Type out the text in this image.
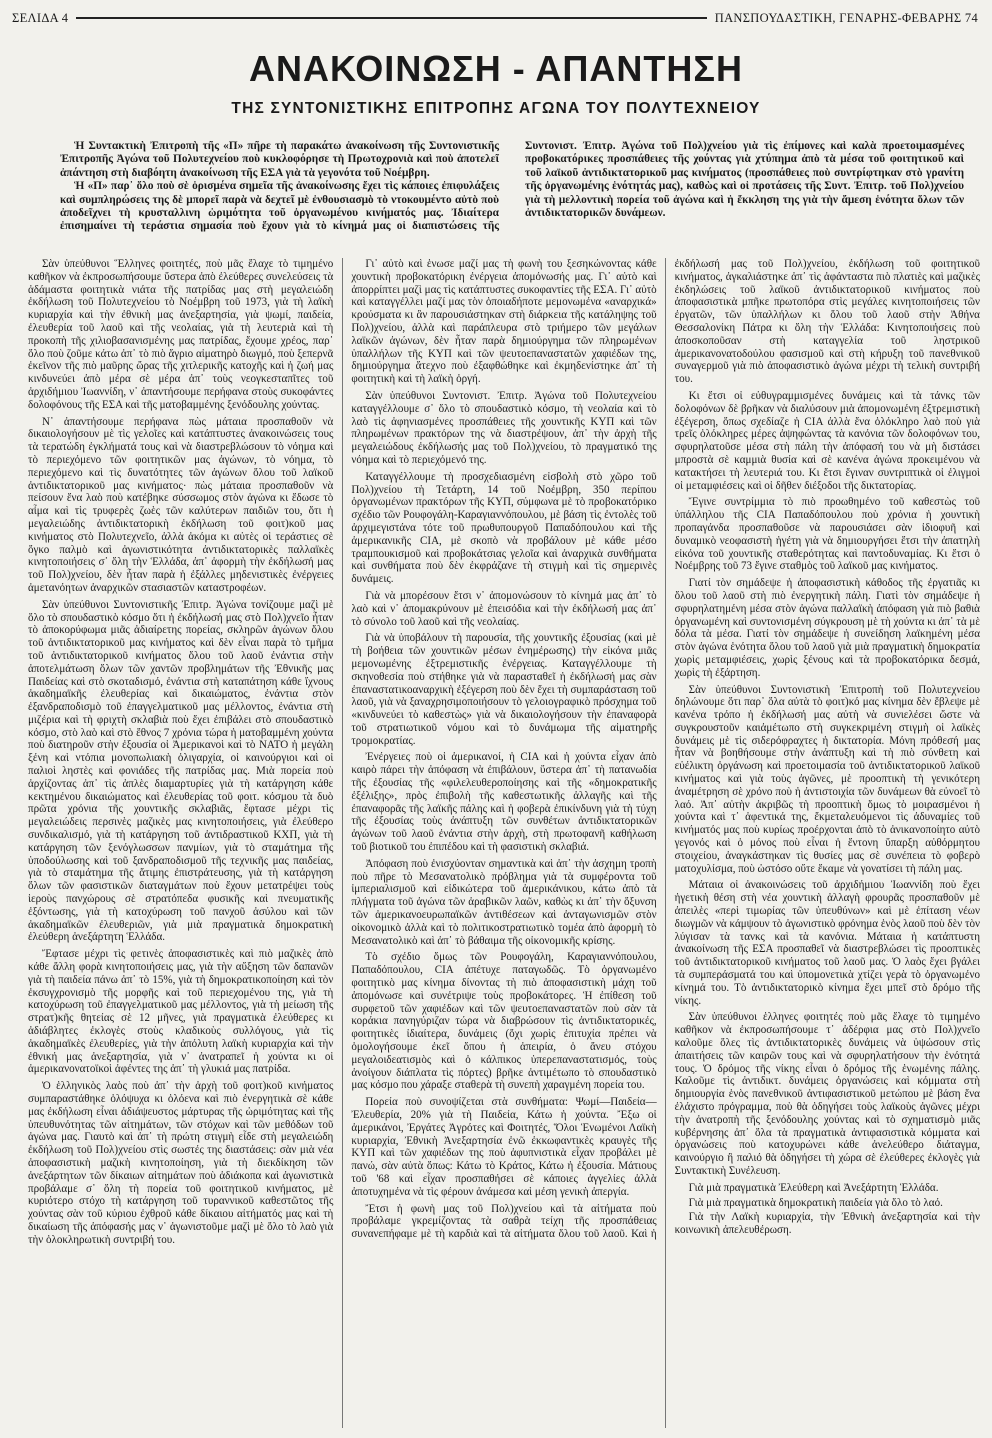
ΣΕΛΙΔΑ 4	ΠΑΝΣΠΟΥΔΑΣΤΙΚΗ, ΓΕΝΑΡΗΣ-ΦΕΒΑΡΗΣ 74
ΑΝΑΚΟΙΝΩΣΗ - ΑΠΑΝΤΗΣΗ
ΤΗΣ ΣΥΝΤΟΝΙΣΤΙΚΗΣ ΕΠΙΤΡΟΠΗΣ ΑΓΩΝΑ ΤΟΥ ΠΟΛΥΤΕΧΝΕΙΟΥ

Ἡ Συντακτικὴ Ἐπιτροπὴ τῆς «Π» πῆρε τὴ παρακάτω ἀνακοίνωση τῆς Συντονιστικῆς Ἐπιτροπῆς Ἀγώνα τοῦ Πολυτεχνείου ποὺ κυκλοφόρησε τὴ Πρωτοχρονιὰ καὶ ποὺ ἀποτελεῖ ἀπάντηση στὴ διαβόητη ἀνακοίνωση τῆς ΕΣΑ γιὰ τὰ γεγονότα τοῦ Νοέμβρη.

Ἡ «Π» παρ᾿ ὅλο ποὺ σὲ ὁρισμένα σημεῖα τῆς ἀνακοίνωσης ἔχει τὶς κάποιες ἐπιφυλάξεις καὶ συμπληρώσεις της δὲ μπορεῖ παρὰ νὰ δεχτεῖ μὲ ἐνθουσιασμὸ τὸ ντοκουμέντο αὐτὸ ποὺ ἀποδεῖχνει τὴ κρυσταλλινη ὡριμότητα τοῦ ὀργανωμένου κινήματός μας. Ἰδιαίτερα ἐπισημαίνει τὴ τεράστια σημασία ποὺ ἔχουν γιὰ τὸ κίνημά μας οἱ διαπιστώσεις τῆς Συντονιστ. Ἐπιτρ. Ἀγώνα τοῦ Πολ)χνείου γιὰ τὶς ἐπίμονες καὶ καλὰ προετοιμασμένες προβοκατόρικες προσπάθειες τῆς χούντας γιὰ χτύπημα ἀπὸ τὰ μέσα τοῦ φοιτητικοῦ καὶ τοῦ λαϊκοῦ ἀντιδικτατορικοῦ μας κινήματος (προσπάθειες ποὺ συντρίφτηκαν στὸ γρανίτη τῆς ὀργανωμένης ἑνότητάς μας), καθὼς καὶ οἱ προτάσεις τῆς Συντ. Ἐπιτρ. τοῦ Πολ)χνείου γιὰ τὴ μελλοντικὴ πορεία τοῦ ἀγώνα καὶ ἡ ἔκκληση της γιὰ τὴν ἄμεση ἑνότητα ὅλων τῶν ἀντιδικτατορικῶν δυνάμεων.

Σὰν ὑπεύθυνοι Ἕλληνες φοιτητές, ποὺ μᾶς ἔλαχε τὸ τιμημένο καθῆκον νὰ ἐκπροσωπήσουμε ὕστερα ἀπὸ ἐλεύθερες συνελεύσεις τὰ ἀδάμαστα φοιτητικὰ νιάτα τῆς πατρίδας μας στὴ μεγαλειώδη ἐκδήλωση τοῦ Πολυτεχνείου τὸ Νοέμβρη τοῦ 1973, γιὰ τὴ λαϊκὴ κυριαρχία καὶ τὴν ἐθνικὴ μας ἀνεξαρτησία, γιὰ ψωμί, παιδεία, ἐλευθερία τοῦ λαοῦ καὶ τῆς νεολαίας, γιὰ τὴ λευτεριὰ καὶ τὴ προκοπὴ τῆς χιλιοβασανισμένης μας πατρίδας, ἔχουμε χρέος, παρ᾿ ὅλο ποὺ ζοῦμε κάτω ἀπ᾿ τὸ πιὸ ἄγριο αἱματηρὸ διωγμό, ποὺ ξεπερνᾶ ἐκεῖνον τῆς πιὸ μαῦρης ὥρας τῆς χιτλερικῆς κατοχῆς καὶ ἡ ζωή μας κινδυνεύει ἀπὸ μέρα σὲ μέρα ἀπ᾿ τοὺς νεογκεσταπῖτες τοῦ ἀρχιδήμιου Ἰωαννίδη, ν᾿ ἀπαντήσουμε περήφανα στοὺς συκοφάντες δολοφόνους τῆς ΕΣΑ καὶ τῆς ματοβαμμένης ξενόδουλης χούντας.

Ν᾿ ἀπαντήσουμε περήφανα πὼς μάταια προσπαθοῦν νὰ δικαιολογήσουν μὲ τὶς γελοῖες καὶ κατάπτυστες ἀνακοινώσεις τους τὰ τερατώδη ἐγκλήματά τους καὶ νὰ διαστρεβλώσουν τὸ νόημα καὶ τὸ περιεχόμενο τῶν φοιτητικῶν μας ἀγώνων, τὸ νόημα, τὸ περιεχόμενο καὶ τὶς δυνατότητες τῶν ἀγώνων ὅλου τοῦ λαϊκοῦ ἀντιδικτατορικοῦ μας κινήματος· πὼς μάταια προσπαθοῦν νὰ πείσουν ἕνα λαὸ ποὺ κατέβηκε σύσσωμος στὸν ἀγώνα κι ἔδωσε τὸ αἷμα καὶ τὶς τρυφερὲς ζωὲς τῶν καλύτερων παιδιῶν του, ὅτι ἡ μεγαλειώδης ἀντιδικτατορικὴ ἐκδήλωση τοῦ φοιτ)κοῦ μας κινήματος στὸ Πολυτεχνεῖο, ἀλλὰ ἀκόμα κι αὐτὲς οἱ τεράστιες σὲ ὄγκο παλμὸ καὶ ἀγωνιστικότητα ἀντιδικτατορικὲς παλλαϊκὲς κινητοποιήσεις σ᾿ ὅλη τὴν Ἑλλάδα, ἀπ᾿ ἀφορμὴ τὴν ἐκδήλωσή μας τοῦ Πολ)χνείου, δὲν ἦταν παρὰ ἡ ἐξάλλες μηδενιστικὲς ἐνέργειες ἀμετανόητων ἀναρχικῶν στασιαστῶν καταστροφέων.

Σὰν ὑπεύθυνοι Συντονιστικῆς Ἐπιτρ. Ἀγώνα τονίζουμε μαζὶ μὲ ὅλο τὸ σπουδαστικὸ κόσμο ὅτι ἡ ἐκδήλωσή μας στὸ Πολ)χνεῖο ἦταν τὸ ἀποκορύφωμα μιᾶς ἀδιαίρετης πορείας, σκληρῶν ἀγώνων ὅλου τοῦ ἀντιδικτατορικοῦ μας κινήματος καὶ δὲν εἶναι παρὰ τὸ τμῆμα τοῦ ἀντιδικτατορικοῦ κινήματος ὅλου τοῦ λαοῦ ἐνάντια στὴν ἀποτελμάτωση ὅλων τῶν χαντῶν προβλημάτων τῆς Ἐθνικῆς μας Παιδείας καὶ στὸ σκοταδισμό, ἐνάντια στὴ καταπάτηση κάθε ἴχνους ἀκαδημαϊκῆς ἐλευθερίας καὶ δικαιώματος, ἐνάντια στὸν ἐξανδραποδισμὸ τοῦ ἐπαγγελματικοῦ μας μέλλοντος, ἐνάντια στὴ μιζέρια καὶ τὴ φριχτὴ σκλαβιὰ ποὺ ἔχει ἐπιβάλει στὸ σπουδαστικὸ κόσμο, στὸ λαὸ καὶ στὸ ἔθνος 7 χρόνια τώρα ἡ ματοβαμμένη χούντα ποὺ διατηροῦν στὴν ἐξουσία οἱ Ἀμερικανοὶ καὶ τὸ ΝΑΤΟ ἡ μεγάλη ξένη καὶ ντόπια μονοπωλιακὴ ὀλιγαρχία, οἱ καινούργιοι καὶ οἱ παλιοὶ ληστὲς καὶ φονιάδες τῆς πατρίδας μας. Μιὰ πορεία ποὺ ἀρχίζοντας ἀπ᾿ τὶς ἁπλὲς διαμαρτυρίες γιὰ τὴ κατάργηση κάθε κεκτημένου δικαιώματος καὶ ἐλευθερίας τοῦ φοιτ. κόσμου τὰ δυὸ πρῶτα χρόνια τῆς χουντικῆς σκλαβιᾶς, ἔφτασε μέχρι τὶς μεγαλειώδεις περσινὲς μαζικὲς μας κινητοποιήσεις, γιὰ ἐλεύθερο συνδικαλισμό, γιὰ τὴ κατάργηση τοῦ ἀντιδραστικοῦ ΚΧΠ, γιὰ τὴ κατάργηση τῶν ξενόγλωσσων πανμίων, γιὰ τὸ σταμάτημα τῆς ὑποδούλωσης καὶ τοῦ ξανδραποδισμοῦ τῆς τεχνικῆς μας παιδείας, γιὰ τὸ σταμάτημα τῆς ἄτιμης ἐπιστράτευσης, γιὰ τὴ κατάργηση ὅλων τῶν φασιστικῶν διαταγμάτων ποὺ ἔχουν μετατρέψει τοὺς ἱεροὺς πανχώρους σὲ στρατόπεδα φυσικῆς καὶ πνευματικῆς ἐξόντωσης, γιὰ τὴ κατοχύρωση τοῦ πανχοῦ ἀσύλου καὶ τῶν ἀκαδημαϊκῶν ἐλευθεριῶν, γιὰ μιὰ πραγματικὰ δημοκρατικὴ ἐλεύθερη ἀνεξάρτητη Ἑλλάδα.

Ἔφτασε μέχρι τὶς φετινὲς ἀποφασιστικὲς καὶ πιὸ μαζικὲς ἀπὸ κάθε ἄλλη φορὰ κινητοποιήσεις μας, γιὰ τὴν αὔξηση τῶν δαπανῶν γιὰ τὴ παιδεία πάνω ἀπ᾿ τὸ 15%, γιὰ τὴ δημοκρατικοποίηση καὶ τὸν ἐκσυγχρονισμὸ τῆς μορφῆς καὶ τοῦ περιεχομένου της, γιὰ τὴ κατοχύρωση τοῦ ἐπαγγελματικοῦ μας μέλλοντος, γιὰ τὴ μείωση τῆς στρατ)κῆς θητείας σὲ 12 μῆνες, γιὰ πραγματικὰ ἐλεύθερες κι ἀδιάβλητες ἐκλογὲς στοὺς κλαδικοὺς συλλόγους, γιὰ τὶς ἀκαδημαϊκὲς ἐλευθερίες, γιὰ τὴν ἀπόλυτη λαϊκὴ κυριαρχία καὶ τὴν ἐθνική μας ἀνεξαρτησία, γιὰ ν᾿ ἀνατραπεῖ ἡ χούντα κι οἱ ἀμερικανονατοϊκοὶ ἀφέντες της ἀπ᾿ τὴ γλυκιά μας πατρίδα.

Ὁ ἑλληνικὸς λαὸς ποὺ ἀπ᾿ τὴν ἀρχὴ τοῦ φοιτ)κοῦ κινήματος συμπαραστάθηκε ὁλόψυχα κι ὁλόενα καὶ πιὸ ἐνεργητικὰ σὲ κάθε μας ἐκδήλωση εἶναι ἀδιάψευστος μάρτυρας τῆς ὡριμότητας καὶ τῆς ὑπευθυνότητας τῶν αἰτημάτων, τῶν στόχων καὶ τῶν μεθόδων τοῦ ἀγώνα μας. Γιαυτὸ καὶ ἀπ᾿ τὴ πρώτη στιγμὴ εἶδε στὴ μεγαλειώδη ἐκδήλωση τοῦ Πολ)χνείου στὶς σωστές της διαστάσεις: σὰν μιὰ νέα ἀποφασιστικὴ μαζικὴ κινητοποίηση, γιὰ τὴ διεκδίκηση τῶν ἀνεξάρτητων τῶν δίκαιων αἰτημάτων ποὺ ἀδιάκοπα καὶ ἀγωνιστικὰ προβάλαμε σ᾿ ὅλη τὴ πορεία τοῦ φοιτητικοῦ κινήματος, μὲ κυριότερο στόχο τὴ κατάργηση τοῦ τυραννικοῦ καθεστῶτος τῆς χούντας σὰν τοῦ κύριου ἐχθροῦ κάθε δίκαιου αἰτήματός μας καὶ τὴ δικαίωση τῆς ἀπόφασής μας ν᾿ ἀγωνιστοῦμε μαζὶ μὲ ὅλο τὸ λαὸ γιὰ τὴν ὁλοκληρωτικὴ συντριβή του.

Γι᾿ αὐτὸ καὶ ἑνωσε μαζί μας τὴ φωνὴ του ξεσηκώνοντας κάθε χουντικὴ προβοκατόρικη ἐνέργεια ἀπομόνωσής μας. Γι᾿ αὐτὸ καὶ ἀπορρίπτει μαζὶ μας τὶς κατάπτυστες συκοφαντίες τῆς ΕΣΑ. Γι᾿ αὐτὸ καὶ καταγγέλλει μαζί μας τὸν ὁποιαδήποτε μεμονωμένα «αναρχικά» κρούσματα κι ἂν παρουσιάστηκαν στὴ διάρκεια τῆς κατάληψης τοῦ Πολ)χνείου, ἀλλὰ καὶ παράπλευρα στὸ τριήμερο τῶν μεγάλων λαϊκῶν ἀγώνων, δὲν ἦταν παρὰ δημιούργημα τῶν πληρωμένων ὑπαλλήλων τῆς ΚΥΠ καὶ τῶν ψευτοεπαναστατῶν χαφιέδων της, δημιούργημα ἄτεχνο ποὺ ἐξαφθώθηκε καὶ ἐκμηδενίστηκε ἀπ᾿ τὴ φοιτητικὴ καὶ τὴ λαϊκὴ ὀργή.

Σὰν ὑπεύθυνοι Συντονιστ. Ἐπιτρ. Ἀγώνα τοῦ Πολυτεχνείου καταγγέλλουμε σ᾿ ὅλο τὸ σπουδαστικὸ κόσμο, τὴ νεολαία καὶ τὸ λαὸ τὶς ἀφηνιασμένες προσπάθειες τῆς χουντικῆς ΚΥΠ καὶ τῶν πληρωμένων πρακτόρων της νὰ διαστρέψουν, ἀπ᾿ τὴν ἀρχὴ τῆς μεγαλειώδους ἐκδήλωσής μας τοῦ Πολ)χνείου, τὸ πραγματικό της νόημα καὶ τὸ περιεχόμενό της.

Καταγγέλλουμε τὴ προσχεδιασμένη εἰσβολὴ στὸ χῶρο τοῦ Πολ)χνείου τὴ Τετάρτη, 14 τοῦ Νοέμβρη, 350 περίπου ὀργανωμένων πρακτόρων τῆς ΚΥΠ, σύμφωνα μὲ τὸ προβοκατόρικο σχέδιο τῶν Ρουφογάλη-Καραγιαννόπουλου, μὲ βάση τὶς ἐντολὲς τοῦ ἀρχιμεγιστάνα τότε τοῦ πρωθυπουργοῦ Παπαδόπουλου καὶ τῆς ἀμερικανικῆς CIA, μὲ σκοπὸ νὰ προβάλουν μὲ κάθε μέσο τραμπουκισμοῦ καὶ προβοκάτσιας γελοῖα καὶ ἀναρχικὰ συνθήματα καὶ συνθήματα ποὺ δὲν ἐκφράζανε τὴ στιγμὴ καὶ τὶς σημερινὲς δυνάμεις.

Γιὰ νὰ μπορέσουν ἔτσι ν᾿ ἀπομονώσουν τὸ κίνημά μας ἀπ᾿ τὸ λαὸ καὶ ν᾿ ἀπομακρύνουν μὲ ἐπεισόδια καὶ τὴν ἐκδήλωσή μας ἀπ᾿ τὸ σύνολο τοῦ λαοῦ καὶ τῆς νεολαίας.

Γιὰ νὰ ὑποβάλουν τὴ παρουσία, τῆς χουντικῆς ἐξουσίας (καὶ μὲ τὴ βοήθεια τῶν χουντικῶν μέσων ἐνημέρωσης) τὴν εἰκόνα μιᾶς μεμονωμένης ἐξτρεμιστικῆς ἐνέργειας. Καταγγέλλουμε τὴ σκηνοθεσία ποὺ στήθηκε γιὰ νὰ παρασταθεῖ ἡ ἐκδήλωσή μας σὰν ἐπαναστατικοαναρχικὴ ἐξέγερση ποὺ δὲν ἔχει τὴ συμπαράσταση τοῦ λαοῦ, γιὰ νὰ ξαναχρησιμοποιήσουν τὸ γελοιογραφικὸ πρόσχημα τοῦ «κινδυνεύει τὸ καθεστὼς» γιὰ νὰ δικαιολογήσουν τὴν ἐπαναφορὰ τοῦ στρατιωτικοῦ νόμου καὶ τὸ δυνάμωμα τῆς αἱματηρῆς τρομοκρατίας.

Ἐνέργειες ποὺ οἱ ἀμερικανοί, ἡ CIA καὶ ἡ χούντα εἶχαν ἀπὸ καιρὸ πάρει τὴν ἀπόφαση νὰ ἐπιβάλουν, ὕστερα ἀπ᾿ τὴ πατανωδία τῆς ἐξουσίας τῆς «φιλελευθεροποίησης καὶ τῆς «δημοκρατικῆς ἐξέλιξης», πρὸς ἐπιβολὴ τῆς καθεστωτικῆς ἀλλαγῆς καὶ τῆς ἐπαναφορᾶς τῆς λαϊκῆς πάλης καὶ ἡ φοβερὰ ἐπικίνδυνη γιὰ τὴ τύχη τῆς ἐξουσίας τοὺς ἀνάπτυξη τῶν συνθέτων ἀντιδικτατορικῶν ἀγώνων τοῦ λαοῦ ἐνάντια στὴν ἀρχὴ, στὴ πρωτοφανῆ καθήλωση τοῦ βιοτικοῦ του ἐπιπέδου καὶ τὴ φασιστικὴ σκλαβιά.

Ἀπόφαση ποὺ ἐνισχύονταν σημαντικὰ καὶ ἀπ᾿ τὴν ἀσχημη τροπὴ ποὺ πῆρε τὸ Μεσανατολικὸ πρόβλημα γιὰ τὰ συμφέροντα τοῦ ἰμπεριαλισμοῦ καὶ εἰδικώτερα τοῦ ἀμερικάνικου, κάτω ἀπὸ τὰ πλήγματα τοῦ ἀγώνα τῶν ἀραβικῶν λαῶν, καθὼς κι ἀπ᾿ τὴν ὄξυνση τῶν ἀμερικανοευρωπαϊκῶν ἀντιθέσεων καὶ ἀνταγωνισμῶν στὸν οἰκονομικὸ ἀλλὰ καὶ τὸ πολιτικοστρατιωτικὸ τομέα ἀπὸ ἀφορμὴ τὸ Μεσανατολικὸ καὶ ἀπ᾿ τὸ βάθαιμα τῆς οἰκονομικῆς κρίσης.

Τὸ σχέδιο ὅμως τῶν Ρουφογάλη, Καραγιαννόπουλου, Παπαδόπουλου, CIA ἀπέτυχε παταγωδῶς. Τὸ ὀργανωμένο φοιτητικὸ μας κίνημα δίνοντας τὴ πιὸ ἀποφασιστικὴ μάχη τοῦ ἀπομόνωσε καὶ συνέτριψε τοὺς προβοκάτορες. Ἡ ἐπίθεση τοῦ συρφετοῦ τῶν χαφιέδων καὶ τῶν ψευτοεπαναστατῶν ποὺ σὰν τὰ κοράκια πανηγύριζαν τώρα νὰ διαβρώσουν τὶς ἀντιδικτατορικές, φοιτητικὲς ἰδιαίτερα, δυνάμεις (ὄχι χωρὶς ἐπιτυχία πρέπει νὰ ὁμολογήσουμε ἐκεῖ ὅπου ἡ ἀπειρία, ὁ ἄνευ στόχου μεγαλοιδεατισμὸς καὶ ὁ κάλπικος ὑπερεπαναστατισμός, τοὺς ἀνοίγουν διάπλατα τὶς πόρτες) βρῆκε ἀντιμέτωπο τὸ σπουδαστικὸ μας κόσμο που χάραξε σταθερὰ τὴ συνεπὴ χαραγμένη πορεία του.

Πορεία ποὺ συνοψίζεται στὰ συνθήματα: Ψωμί—Παιδεία—Ἐλευθερία, 20% γιὰ τὴ Παιδεία, Κάτω ἡ χούντα. Ἔξω οἱ ἀμερικάνοι, Ἐργάτες Ἀγρότες καὶ Φοιτητές, Ὅλοι Ἑνωμένοι Λαϊκὴ κυριαρχία, Ἐθνικὴ Ἀνεξαρτησία ἐνῶ ἐκκωφαντικὲς κραυγὲς τῆς ΚΥΠ καὶ τῶν χαφιέδων της ποὺ ἀφυπνιστικὰ εἶχαν προβάλει μὲ πανώ, σὰν αὐτὰ ὅπως: Κάτω τὸ Κράτος, Κάτω ἡ ἐξουσία. Μάτιους τοῦ '68 καὶ εἶχαν προσπαθήσει σὲ κάποιες ἀγγελίες ἀλλὰ ἀποτυχημένα νὰ τὶς φέρουν ἀνάμεσα καὶ μέση γενικὴ ἀπεργία.

Ἔτσι ἡ φωνὴ μας τοῦ Πολ)χνείου καὶ τὰ αἰτήματα ποὺ προβάλαμε γκρεμίζοντας τὰ σαθρὰ τείχη τῆς προσπάθειας συνανεπήφαμε μὲ τὴ καρδιὰ καὶ τὰ αἰτήματα ὅλου τοῦ λαοῦ. Καὶ ἡ ἐκδήλωσή μας τοῦ Πολ)χνείου, ἐκδήλωση τοῦ φοιτητικοῦ κινήματος, ἀγκαλιάστηκε ἀπ᾿ τὶς ἀφάνταστα πιὸ πλατιὲς καὶ μαζικὲς ἐκδηλώσεις τοῦ λαϊκοῦ ἀντιδικτατορικοῦ κινήματος ποὺ ἀποφασιστικὰ μπῆκε πρωτοπόρα στὶς μεγάλες κινητοποιήσεις τῶν ἐργατῶν, τῶν ὑπαλλήλων κι ὅλου τοῦ λαοῦ στὴν Ἀθήνα Θεσσαλονίκη Πάτρα κι ὅλη τὴν Ἑλλάδα: Κινητοποιήσεις ποὺ ἀποσκοποῦσαν στὴ καταγγελία τοῦ ληστρικοῦ ἀμερικανονατοδούλου φασισμοῦ καὶ στὴ κήρυξη τοῦ πανεθνικοῦ συναγερμοῦ γιὰ πιὸ ἀποφασιστικὸ ἀγώνα μέχρι τὴ τελικὴ συντριβή του.

Κι ἔτσι οἱ εὐθυγραμμισμένες δυνάμεις καὶ τὰ τάνκς τῶν δολοφόνων δὲ βρῆκαν νὰ διαλύσουν μιὰ ἀπομονωμένη ἐξτρεμιστικὴ ἐξέγερση, ὅπως σχεδίαζε ἡ CIA ἀλλὰ ἕνα ὁλόκληρο λαὸ ποὺ γιὰ τρεῖς ὁλόκληρες μέρες ἀψηφώντας τὰ κανόνια τῶν δολοφόνων του, σφυρηλατοῦσε μέσα στὴ πάλη τὴν ἀπόφασή του νὰ μὴ διστάσει μπροστὰ σὲ καμμιὰ θυσία καὶ σὲ κανένα ἀγώνα προκειμένου νὰ κατακτήσει τὴ λευτεριά του. Κι ἔτσι ἔγιναν συντριπτικὰ οἱ ἐλιγμοὶ οἱ μεταμφιέσεις καὶ οἱ δῆθεν διέξοδοι τῆς δικτατορίας.

Ἔγινε συντρίμμια τὸ πιὸ προωθημένο τοῦ καθεστὼς τοῦ ὑπάλληλου τῆς CIA Παπαδόπουλου ποὺ χρόνια ἡ χουντικὴ προπαγάνδα προσπαθοῦσε νὰ παρουσιάσει σὰν ἰδιοφυῆ καὶ δυναμικὸ νεοφασιστὴ ἡγέτη γιὰ νὰ δημιουργήσει ἔτσι τὴν ἀπατηλὴ εἰκόνα τοῦ χουντικῆς σταθερότητας καὶ παντοδυναμίας. Κι ἔτσι ὁ Νοέμβρης τοῦ 73 ἔγινε σταθμὸς τοῦ λαϊκοῦ μας κινήματος.

Γιατί τὸν σημάδεψε ἡ ἀποφασιστικὴ κάθοδος τῆς ἐργατιᾶς κι ὅλου τοῦ λαοῦ στὴ πιὸ ἐνεργητικὴ πάλη. Γιατὶ τὸν σημάδεψε ἡ σφυρηλατημένη μέσα στὸν ἀγώνα παλλαϊκὴ ἀπόφαση γιὰ πιὸ βαθιὰ ὀργανωμένη καὶ συντονισμένη σύγκρουση μὲ τὴ χούντα κι ἀπ᾿ τὰ μὲ δόλα τὰ μέσα. Γιατί τὸν σημάδεψε ἡ συνείδηση λαϊκημένη μέσα στὸν ἀγώνα ἑνότητα ὅλου τοῦ λαοῦ γιὰ μιὰ πραγματικὴ δημοκρατία χωρὶς μεταμφιέσεις, χωρὶς ξένους καὶ τὰ προβοκατόρικα δεσμά, χωρὶς τὴ ἐξάρτηση.

Σὰν ὑπεύθυνοι Συντονιστικὴ Ἐπιτροπὴ τοῦ Πολυτεχνείου δηλώνουμε ὅτι παρ᾿ ὅλα αὐτὰ τὸ φοιτ)κό μας κίνημα δὲν ἔβλεψε μὲ κανένα τρόπο ἡ ἐκδήλωσή μας αὐτὴ νὰ συνιελέσει ὥστε νὰ συγκρουστοῦν καιἀμέτωπο στὴ συγκεκριμένη στιγμὴ οἱ λαϊκὲς δυνάμεις μὲ τὶς σιδερόφραχτες ἡ δικτατορία. Μόνη πρόθεσή μας ἦταν νὰ βοηθήσουμε στὴν ἀνάπτυξη καὶ τὴ πιὸ σύνθετη καὶ εὐέλικτη ὀργάνωση καὶ προετοιμασία τοῦ ἀντιδικτατορικοῦ λαϊκοῦ κινήματος καὶ γιὰ τοὺς ἀγῶνες, μὲ προοπτικὴ τὴ γενικότερη ἀναμέτρηση σὲ χρόνο ποὺ ἡ ἀντιστοιχία τῶν δυνάμεων θὰ εὐνοεῖ τὸ λαό. Ἀπ᾿ αὐτὴν ἀκριβῶς τὴ προοπτικὴ ὅμως τὸ μοιρασμένοι ἡ χούντα καὶ τ᾿ ἀφεντικά της, ἔκμεταλευόμενοι τὶς ἀδυναμίες τοῦ κινήματός μας ποὺ κυρίως προέρχονται ἀπὸ τὸ ἀνικανοποίητο αὐτὸ γεγονός καὶ ὁ μόνος ποὺ εἶναι ἡ ἔντονη ὕπαρξη αὐθόρμητου στοιχείου, ἀναγκάστηκαν τὶς θυσίες μας σὲ συνέπεια τὸ φοβερὸ ματοχυλίσμα, ποὺ ὡστόσο οὔτε ἔκαμε νὰ γονατίσει τὴ πάλη μας.

Μάταια οἱ ἀνακοινώσεις τοῦ ἀρχιδήμιου Ἰωαννίδη ποὺ ἔχει ἡγετικὴ θέση στὴ νέα χουντικὴ ἀλλαγὴ φρουρᾶς προσπαθοῦν μὲ ἀπειλὲς «περὶ τιμωρίας τῶν ὑπευθύνων» καὶ μὲ ἐπίταση νέων διωγμῶν νὰ κάμψουν τὸ ἀγωνιστικὸ φρόνημα ἑνὸς λαοῦ ποὺ δὲν τὸν λύγισαν τὰ τανκς καὶ τὰ κανόνια. Μάταια ἡ κατάπτυστη ἀνακοίνωση τῆς ΕΣΑ προσπαθεῖ νὰ διαστρεβλώσει τὶς προοπτικὲς τοῦ ἀντιδικτατορικοῦ κινήματος τοῦ λαοῦ μας. Ὁ λαὸς ἔχει βγάλει τὰ συμπεράσματά του καὶ ὑπομονετικὰ χτίζει γερὰ τὸ ὀργανωμένο κίνημά του. Τὸ ἀντιδικτατορικὸ κίνημα ἔχει μπεῖ στὸ δρόμο τῆς νίκης.

Σὰν ὑπεύθυνοι ἑλληνες φοιτητές ποὺ μᾶς ἔλαχε τὸ τιμημένο καθῆκον νὰ ἐκπροσωπήσουμε τ᾿ ἀδέρφια μας στὸ Πολ)χνεῖο καλοῦμε ὅλες τὶς ἀντιδικτατορικὲς δυνάμεις νὰ ὑψώσουν στὶς ἀπαιτήσεις τῶν καιρῶν τους καὶ νὰ σφυρηλατήσουν τὴν ἑνότητά τους. Ὁ δρόμος τῆς νίκης εἶναι ὁ δρόμος τῆς ἑνωμένης πάλης. Καλοῦμε τὶς ἀντιδικτ. δυνάμεις ὀργανώσεις καὶ κόμματα στὴ δημιουργία ἑνὸς πανεθνικοῦ ἀντιφασιστικοῦ μετώπου μὲ βάση ἕνα ἐλάχιστο πρόγραμμα, ποὺ θὰ ὁδηγήσει τοὺς λαϊκοὺς ἀγῶνες μέχρι τὴν ἀνατροπὴ τῆς ξενόδουλης χούντας καὶ τὸ σχηματισμὸ μιᾶς κυβέρνησης ἀπ᾿ ὅλα τὰ πραγματικὰ ἀντιφασιστικὰ κόμματα καὶ ὀργανώσεις ποὺ κατοχυρώνει κάθε ἀνελεύθερο διάταγμα, καινούργιο ἢ παλιό θὰ ὁδηγήσει τὴ χώρα σὲ ἐλεύθερες ἐκλογὲς γιὰ Συντακτικὴ Συνέλευση.

Γιὰ μιὰ πραγματικὰ Ἐλεύθερη καὶ Ἀνεξάρτητη Ἑλλάδα.

Γιὰ μιὰ πραγματικὰ δημοκρατικὴ παιδεία γιὰ ὅλο τὸ λαό.

Γιὰ τὴν Λαϊκὴ κυριαρχία, τὴν Ἐθνικὴ ἀνεξαρτησία καὶ τὴν κοινωνικὴ ἀπελευθέρωση.
